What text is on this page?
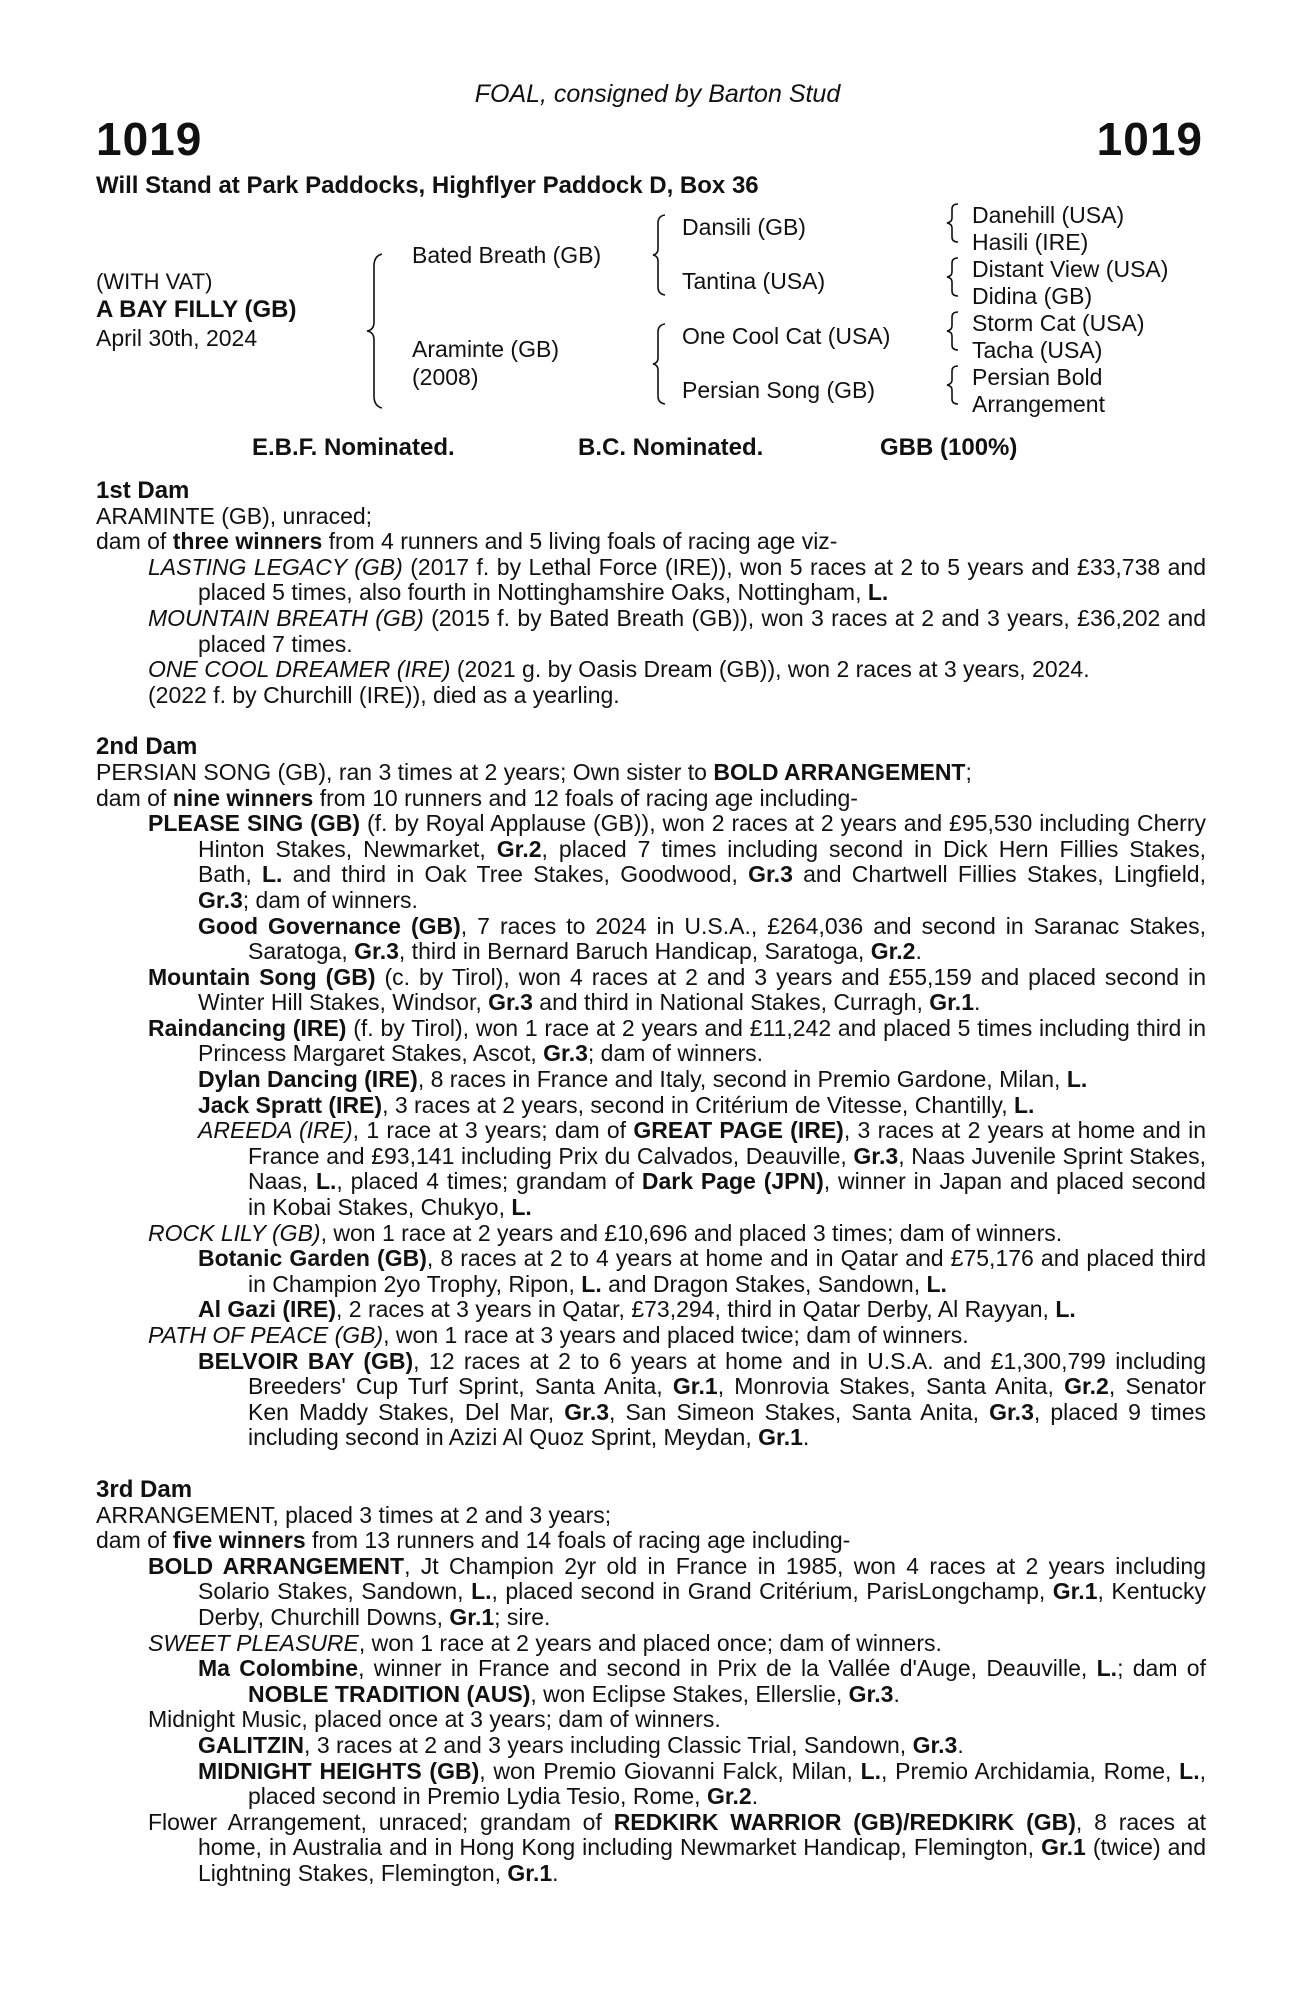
FOAL, consigned by Barton Stud
1019	1019
Will Stand at Park Paddocks, Highflyer Paddock D, Box 36
(WITH VAT)
A BAY FILLY (GB)
April 30th, 2024
Bated Breath (GB)
Araminte (GB)
(2008)
Dansili (GB)
Tantina (USA)
One Cool Cat (USA)
Persian Song (GB)
Danehill (USA)
Hasili (IRE)
Distant View (USA)
Didina (GB)
Storm Cat (USA)
Tacha (USA)
Persian Bold
Arrangement
E.B.F. Nominated.	B.C. Nominated.	GBB (100%)
1st Dam
ARAMINTE (GB), unraced;
dam of three winners from 4 runners and 5 living foals of racing age viz-
LASTING LEGACY (GB) (2017 f. by Lethal Force (IRE)), won 5 races at 2 to 5 years and £33,738 and placed 5 times, also fourth in Nottinghamshire Oaks, Nottingham, L.
MOUNTAIN BREATH (GB) (2015 f. by Bated Breath (GB)), won 3 races at 2 and 3 years, £36,202 and placed 7 times.
ONE COOL DREAMER (IRE) (2021 g. by Oasis Dream (GB)), won 2 races at 3 years, 2024.
(2022 f. by Churchill (IRE)), died as a yearling.
2nd Dam
PERSIAN SONG (GB), ran 3 times at 2 years; Own sister to BOLD ARRANGEMENT;
dam of nine winners from 10 runners and 12 foals of racing age including-
PLEASE SING (GB) (f. by Royal Applause (GB)), won 2 races at 2 years and £95,530 including Cherry Hinton Stakes, Newmarket, Gr.2, placed 7 times including second in Dick Hern Fillies Stakes, Bath, L. and third in Oak Tree Stakes, Goodwood, Gr.3 and Chartwell Fillies Stakes, Lingfield, Gr.3; dam of winners.
Good Governance (GB), 7 races to 2024 in U.S.A., £264,036 and second in Saranac Stakes, Saratoga, Gr.3, third in Bernard Baruch Handicap, Saratoga, Gr.2.
Mountain Song (GB) (c. by Tirol), won 4 races at 2 and 3 years and £55,159 and placed second in Winter Hill Stakes, Windsor, Gr.3 and third in National Stakes, Curragh, Gr.1.
Raindancing (IRE) (f. by Tirol), won 1 race at 2 years and £11,242 and placed 5 times including third in Princess Margaret Stakes, Ascot, Gr.3; dam of winners.
Dylan Dancing (IRE), 8 races in France and Italy, second in Premio Gardone, Milan, L.
Jack Spratt (IRE), 3 races at 2 years, second in Critérium de Vitesse, Chantilly, L.
AREEDA (IRE), 1 race at 3 years; dam of GREAT PAGE (IRE), 3 races at 2 years at home and in France and £93,141 including Prix du Calvados, Deauville, Gr.3, Naas Juvenile Sprint Stakes, Naas, L., placed 4 times; grandam of Dark Page (JPN), winner in Japan and placed second in Kobai Stakes, Chukyo, L.
ROCK LILY (GB), won 1 race at 2 years and £10,696 and placed 3 times; dam of winners.
Botanic Garden (GB), 8 races at 2 to 4 years at home and in Qatar and £75,176 and placed third in Champion 2yo Trophy, Ripon, L. and Dragon Stakes, Sandown, L.
Al Gazi (IRE), 2 races at 3 years in Qatar, £73,294, third in Qatar Derby, Al Rayyan, L.
PATH OF PEACE (GB), won 1 race at 3 years and placed twice; dam of winners.
BELVOIR BAY (GB), 12 races at 2 to 6 years at home and in U.S.A. and £1,300,799 including Breeders' Cup Turf Sprint, Santa Anita, Gr.1, Monrovia Stakes, Santa Anita, Gr.2, Senator Ken Maddy Stakes, Del Mar, Gr.3, San Simeon Stakes, Santa Anita, Gr.3, placed 9 times including second in Azizi Al Quoz Sprint, Meydan, Gr.1.
3rd Dam
ARRANGEMENT, placed 3 times at 2 and 3 years;
dam of five winners from 13 runners and 14 foals of racing age including-
BOLD ARRANGEMENT, Jt Champion 2yr old in France in 1985, won 4 races at 2 years including Solario Stakes, Sandown, L., placed second in Grand Critérium, ParisLongchamp, Gr.1, Kentucky Derby, Churchill Downs, Gr.1; sire.
SWEET PLEASURE, won 1 race at 2 years and placed once; dam of winners.
Ma Colombine, winner in France and second in Prix de la Vallée d'Auge, Deauville, L.; dam of NOBLE TRADITION (AUS), won Eclipse Stakes, Ellerslie, Gr.3.
Midnight Music, placed once at 3 years; dam of winners.
GALITZIN, 3 races at 2 and 3 years including Classic Trial, Sandown, Gr.3.
MIDNIGHT HEIGHTS (GB), won Premio Giovanni Falck, Milan, L., Premio Archidamia, Rome, L., placed second in Premio Lydia Tesio, Rome, Gr.2.
Flower Arrangement, unraced; grandam of REDKIRK WARRIOR (GB)/REDKIRK (GB), 8 races at home, in Australia and in Hong Kong including Newmarket Handicap, Flemington, Gr.1 (twice) and Lightning Stakes, Flemington, Gr.1.
